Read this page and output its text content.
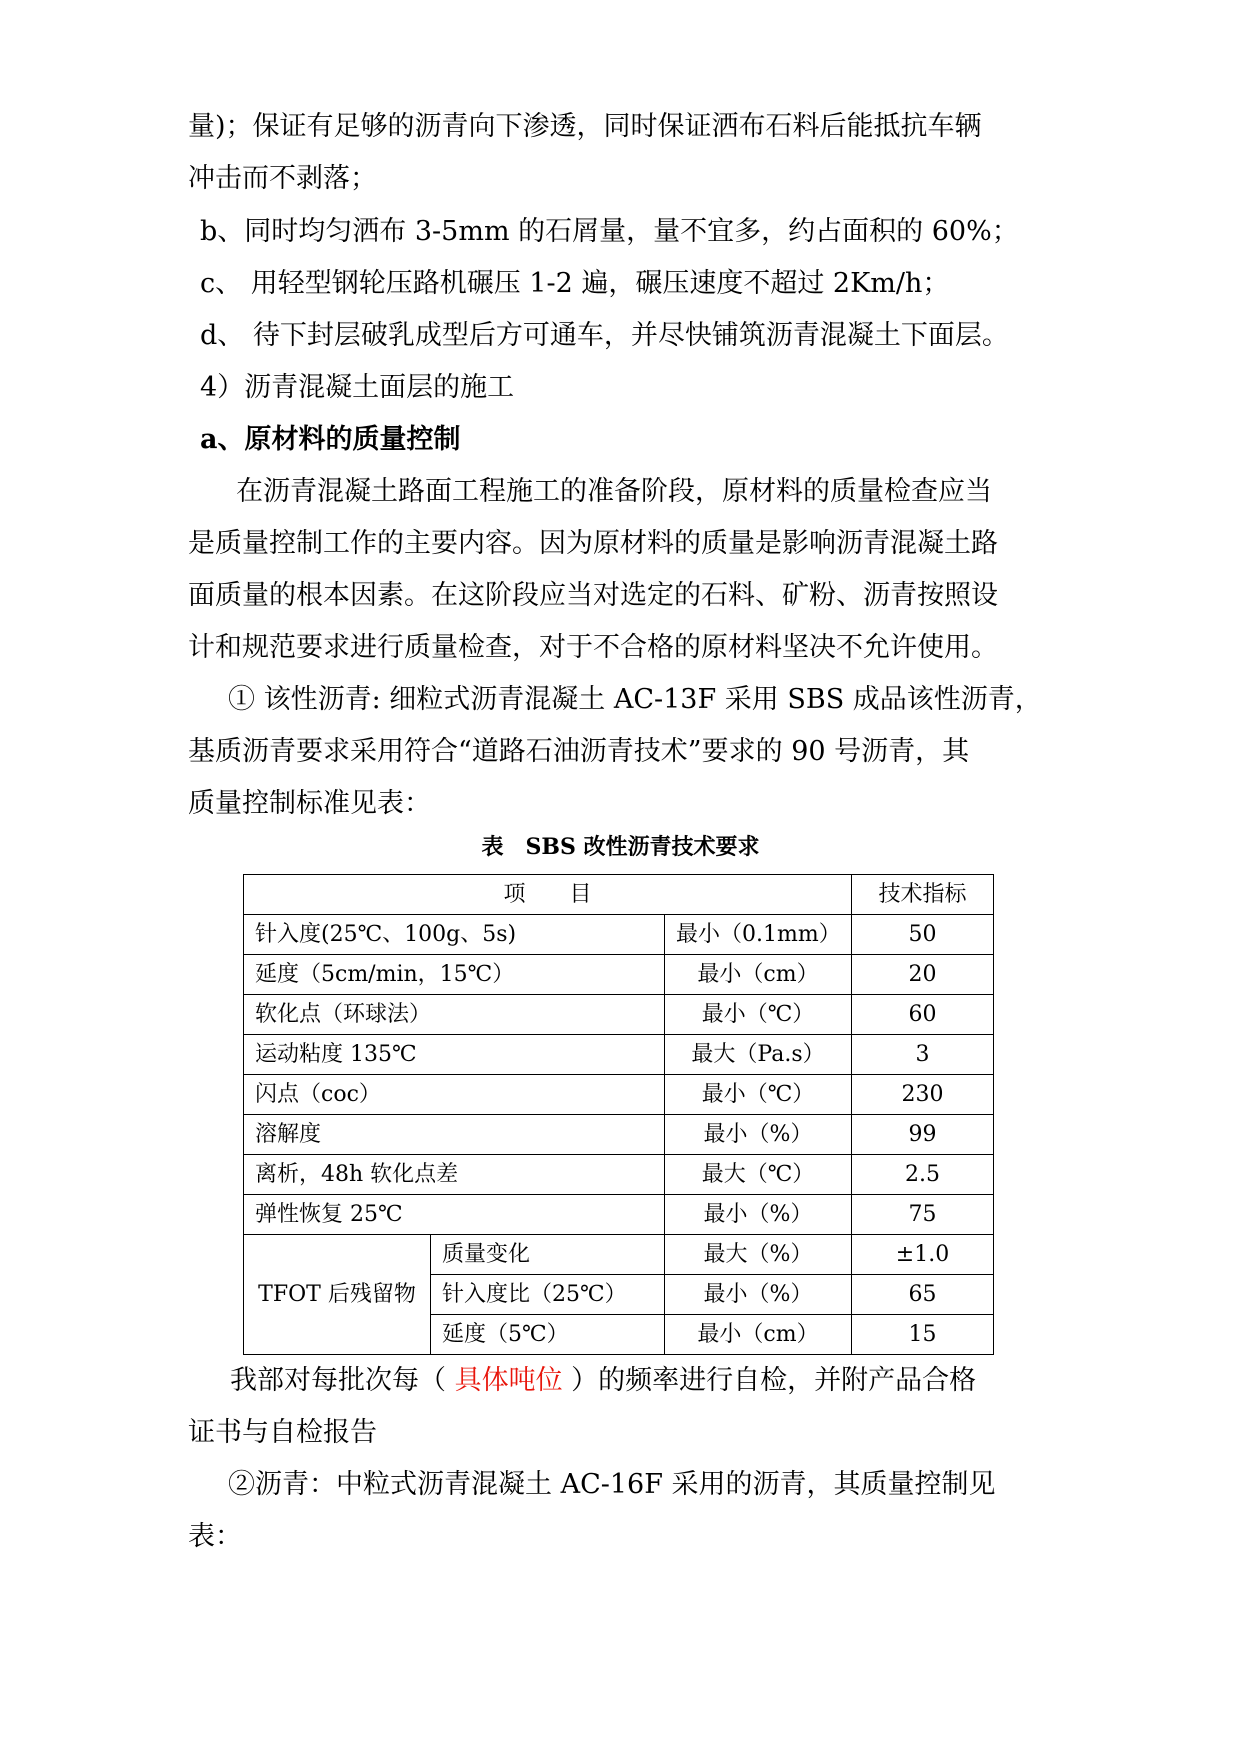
量)；保证有足够的沥青向下渗透，同时保证洒布石料后能抵抗车辆
冲击而不剥落；
b、同时均匀洒布 3-5mm 的石屑量，量不宜多，约占面积的 60%；
c、 用轻型钢轮压路机碾压 1-2 遍，碾压速度不超过 2Km/h；
d、 待下封层破乳成型后方可通车，并尽快铺筑沥青混凝土下面层。
4）沥青混凝土面层的施工
a、原材料的质量控制
在沥青混凝土路面工程施工的准备阶段，原材料的质量检查应当
是质量控制工作的主要内容。因为原材料的质量是影响沥青混凝土路
面质量的根本因素。在这阶段应当对选定的石料、矿粉、沥青按照设
计和规范要求进行质量检查，对于不合格的原材料坚决不允许使用。
① 该性沥青: 细粒式沥青混凝土 AC-13F 采用 SBS 成品该性沥青，
基质沥青要求采用符合“道路石油沥青技术”要求的 90 号沥青，其
质量控制标准见表：
表　SBS 改性沥青技术要求
项　　目			技术指标
针入度(25℃、100g、5s)		最小（0.1mm）	50
延度（5cm/min，15℃）		最小（cm）	20
软化点（环球法）		最小（℃）	60
运动粘度 135℃		最大（Pa.s）	3
闪点（coc）		最小（℃）	230
溶解度		最小（%）	99
离析，48h 软化点差		最大（℃）	2.5
弹性恢复 25℃		最小（%）	75
TFOT 后残留物	质量变化	最大（%）	±1.0
	针入度比（25℃）	最小（%）	65
	延度（5℃）	最小（cm）	15
我部对每批次每（ 具体吨位 ）的频率进行自检，并附产品合格
证书与自检报告
②沥青：中粒式沥青混凝土 AC-16F 采用的沥青，其质量控制见
表：
